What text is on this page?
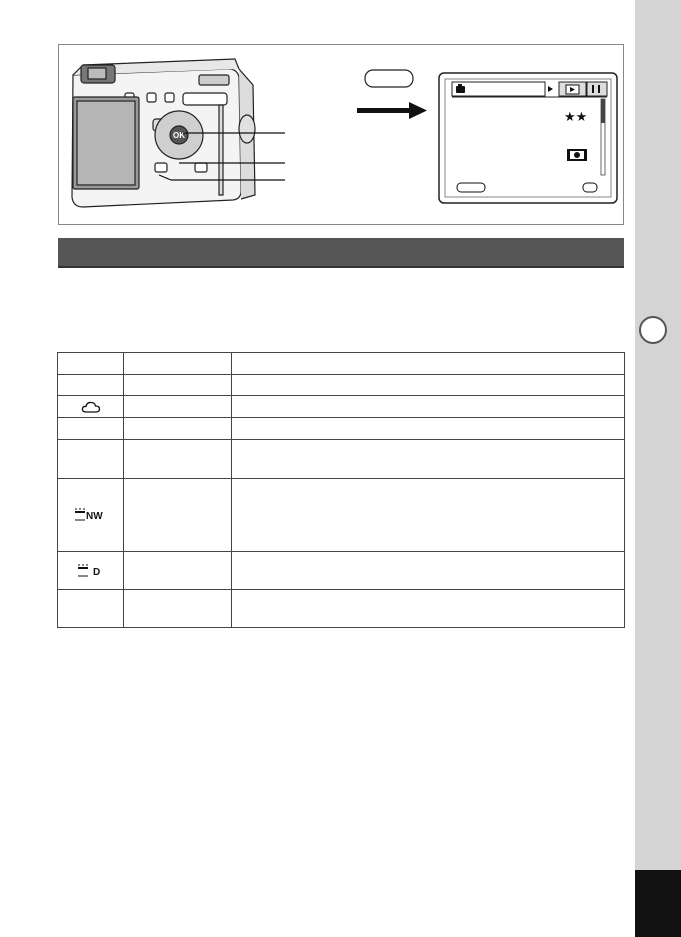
OK
★★

NW		

D		
